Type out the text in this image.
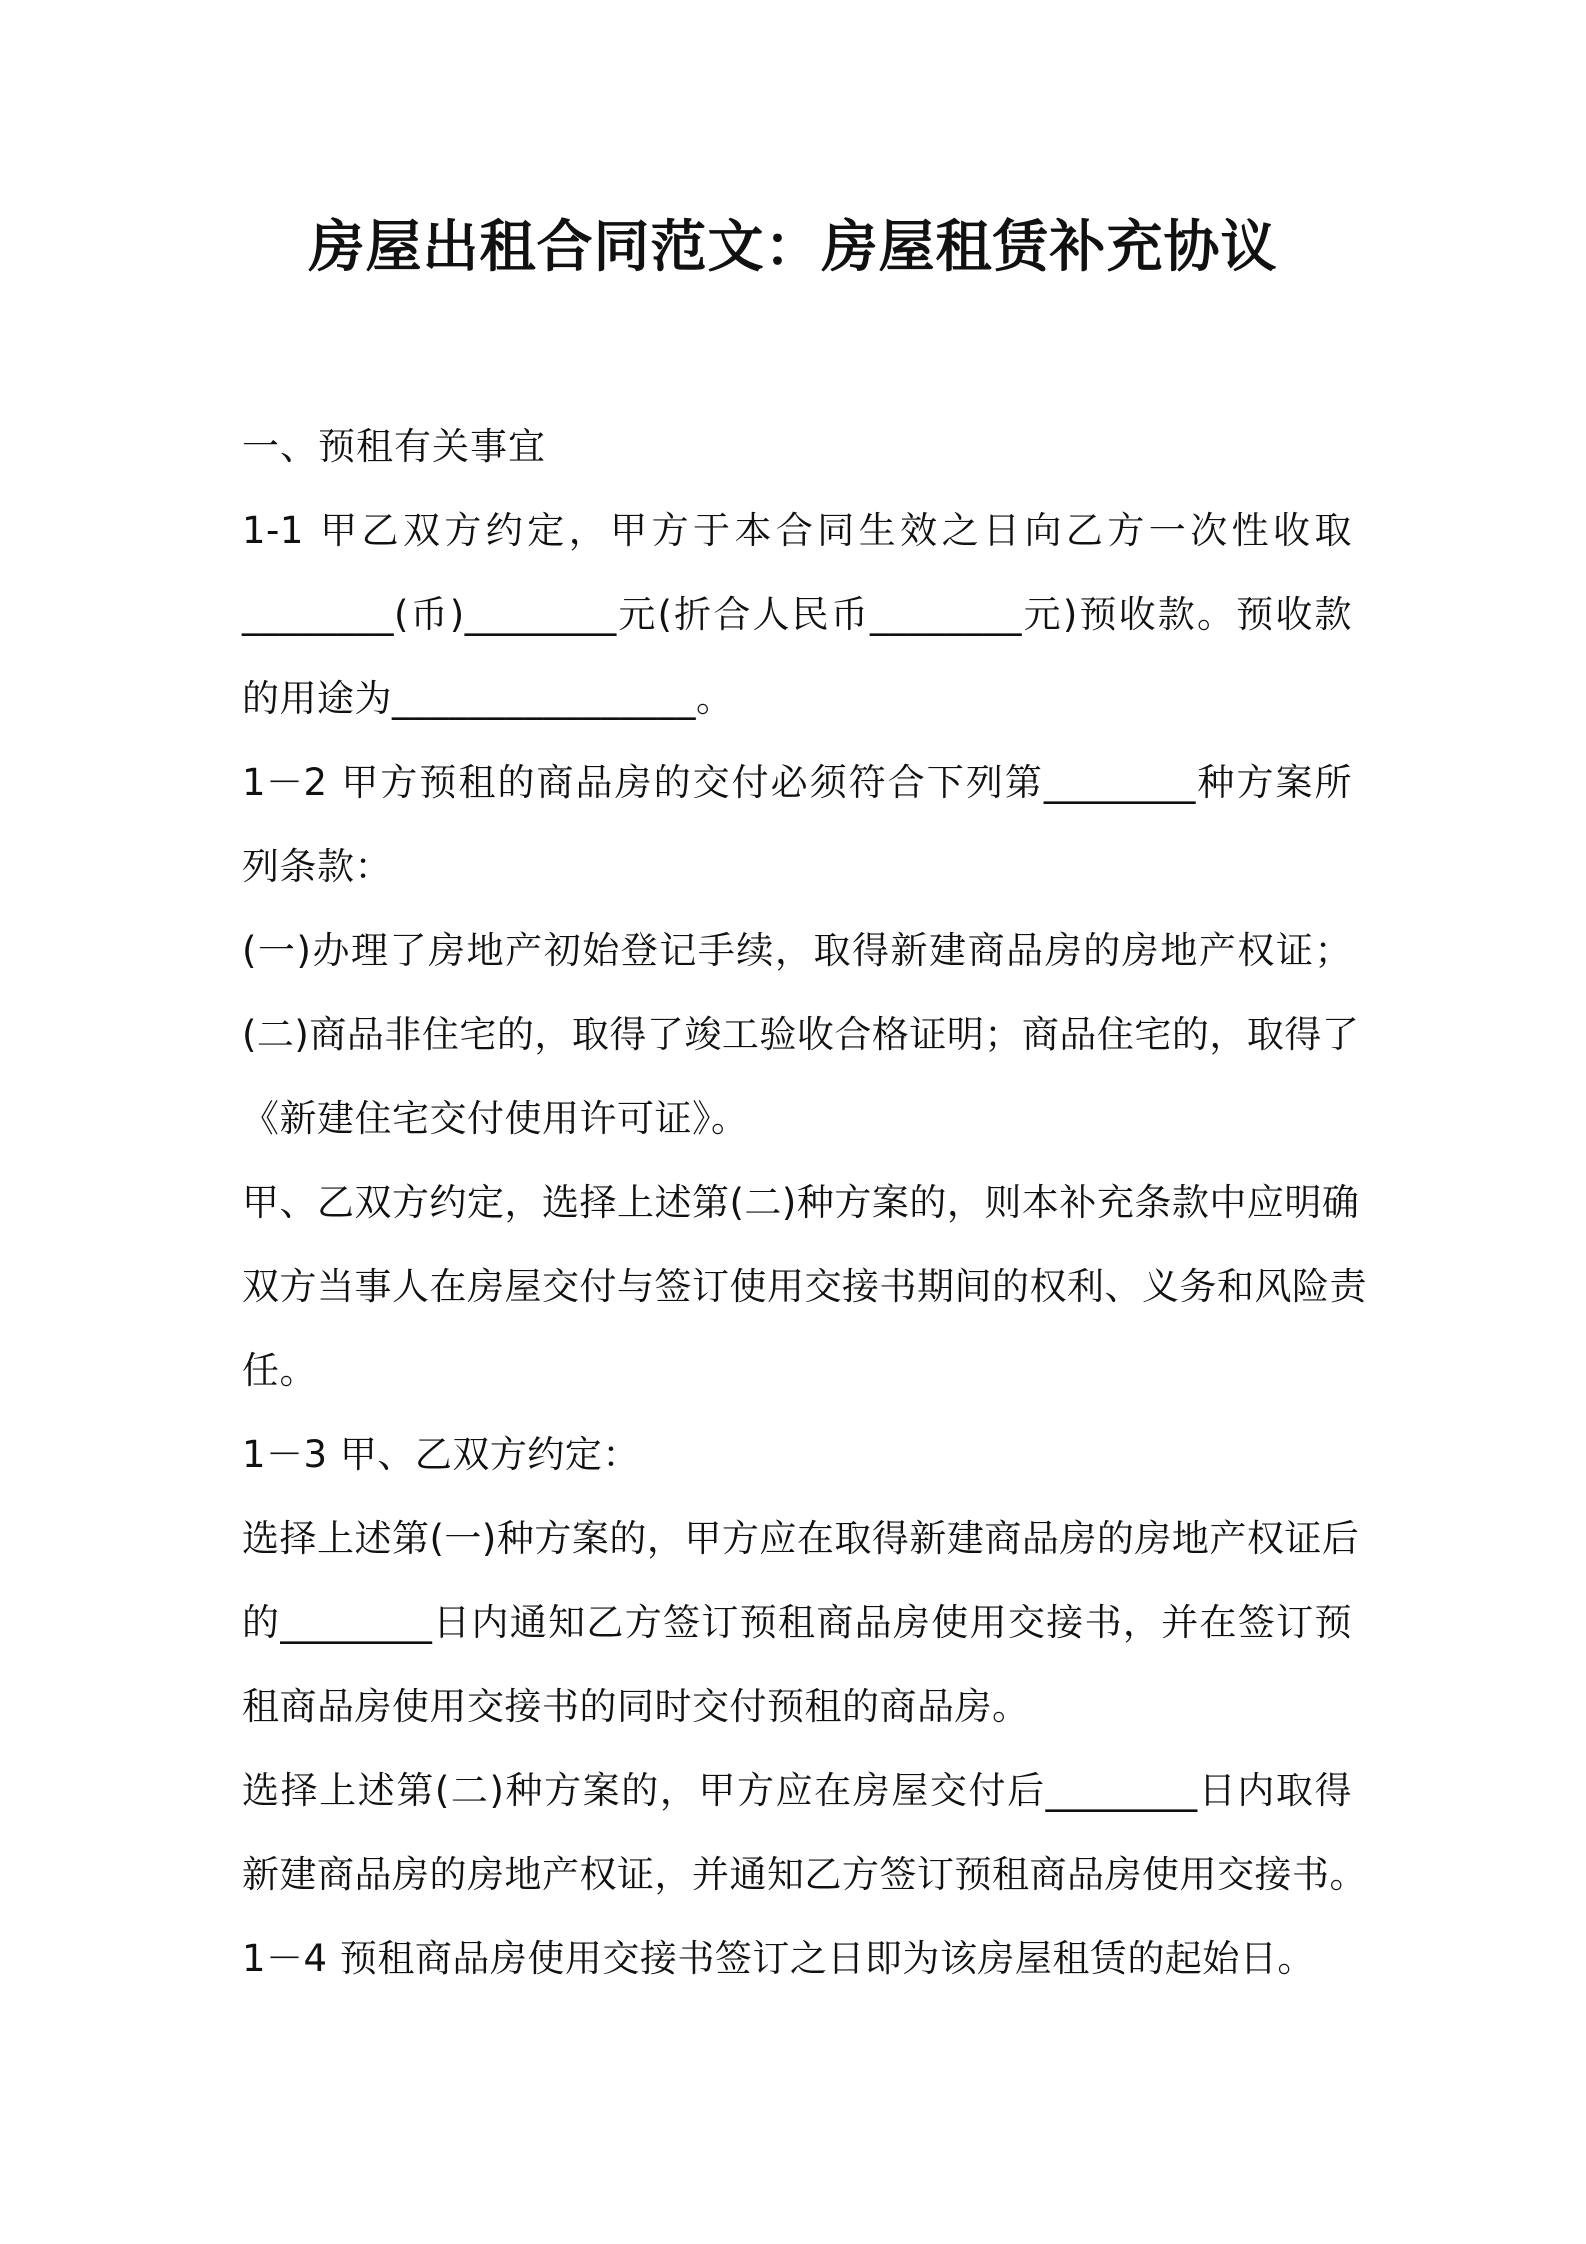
房屋出租合同范文：房屋租赁补充协议
一、预租有关事宜
1-1 甲乙双方约定，甲方于本合同生效之日向乙方一次性收取
________(币)________元(折合人民币________元)预收款。预收款
的用途为________________。
1－2 甲方预租的商品房的交付必须符合下列第________种方案所
列条款：
(一)办理了房地产初始登记手续，取得新建商品房的房地产权证；
(二)商品非住宅的，取得了竣工验收合格证明；商品住宅的，取得了
《新建住宅交付使用许可证》。
甲、乙双方约定，选择上述第(二)种方案的，则本补充条款中应明确
双方当事人在房屋交付与签订使用交接书期间的权利、义务和风险责
任。
1－3 甲、乙双方约定：
选择上述第(一)种方案的，甲方应在取得新建商品房的房地产权证后
的________日内通知乙方签订预租商品房使用交接书，并在签订预
租商品房使用交接书的同时交付预租的商品房。
选择上述第(二)种方案的，甲方应在房屋交付后________日内取得
新建商品房的房地产权证，并通知乙方签订预租商品房使用交接书。
1－4 预租商品房使用交接书签订之日即为该房屋租赁的起始日。
